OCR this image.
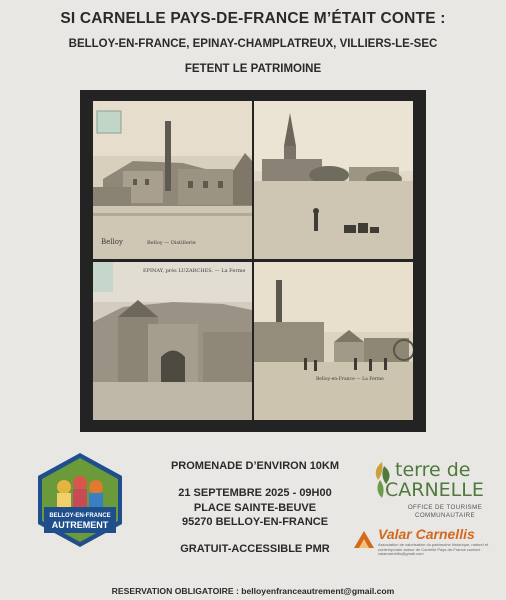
SI CARNELLE PAYS-DE-FRANCE M’ÉTAIT CONTE :
BELLOY-EN-FRANCE, EPINAY-CHAMPLATREUX, VILLIERS-LE-SEC
FETENT LE PATRIMOINE
Belloy	Belloy — Distillerie
EPINAY, près LUZARCHES. — La Ferme
Belloy-en-France — La Ferme
BELLOY-EN-FRANCE
AUTREMENT
PROMENADE D’ENVIRON 10KM
21 SEPTEMBRE 2025 - 09H00
PLACE SAINTE-BEUVE
95270 BELLOY-EN-FRANCE
GRATUIT-ACCESSIBLE PMR
terre de
CARNELLE
OFFICE DE TOURISME
COMMUNAUTAIRE
Valar Carnellis
Association de valorisation du patrimoine historique, naturel et contemporain autour de Carnelle Pays-de-France contact : valarcarnellis@gmail.com
RESERVATION OBLIGATOIRE : belloyenfranceautrement@gmail.com
